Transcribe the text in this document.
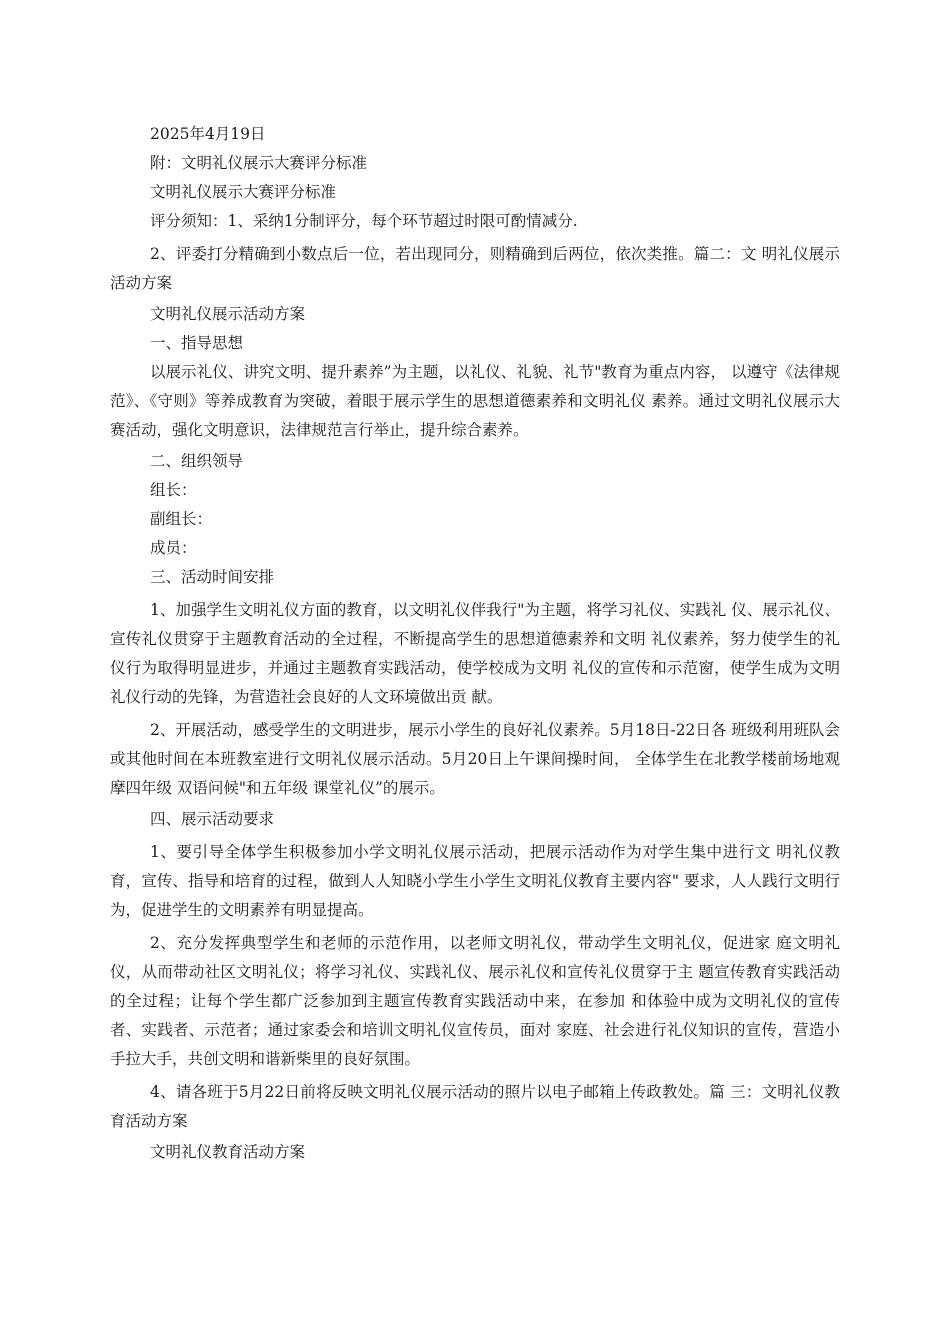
2025年4月19日

附：文明礼仪展示大赛评分标准

文明礼仪展示大赛评分标准

评分须知：1、采纳1分制评分，每个环节超过时限可酌情减分.

2、评委打分精确到小数点后一位，若出现同分，则精确到后两位，依次类推。篇二：文 明礼仪展示活动方案

文明礼仪展示活动方案

一、指导思想

以展示礼仪、讲究文明、提升素养”为主题，以礼仪、礼貌、礼节"教育为重点内容， 以遵守《法律规范》、《守则》等养成教育为突破，着眼于展示学生的思想道德素养和文明礼仪 素养。通过文明礼仪展示大赛活动，强化文明意识，法律规范言行举止，提升综合素养。

二、组织领导

组长：

副组长：

成员：

三、活动时间安排

1、加强学生文明礼仪方面的教育，以文明礼仪伴我行"为主题，将学习礼仪、实践礼 仪、展示礼仪、宣传礼仪贯穿于主题教育活动的全过程，不断提高学生的思想道德素养和文明 礼仪素养，努力使学生的礼仪行为取得明显进步，并通过主题教育实践活动，使学校成为文明 礼仪的宣传和示范窗，使学生成为文明礼仪行动的先锋，为营造社会良好的人文环境做出贡 献。

2、开展活动，感受学生的文明进步，展示小学生的良好礼仪素养。5月18日-22日各 班级利用班队会或其他时间在本班教室进行文明礼仪展示活动。5月20日上午课间操时间， 全体学生在北教学楼前场地观摩四年级 双语问候"和五年级 课堂礼仪”的展示。

四、展示活动要求

1、要引导全体学生积极参加小学文明礼仪展示活动，把展示活动作为对学生集中进行文 明礼仪教育，宣传、指导和培育的过程，做到人人知晓小学生小学生文明礼仪教育主要内容" 要求，人人践行文明行为，促进学生的文明素养有明显提高。

2、充分发挥典型学生和老师的示范作用，以老师文明礼仪，带动学生文明礼仪，促进家 庭文明礼仪，从而带动社区文明礼仪；将学习礼仪、实践礼仪、展示礼仪和宣传礼仪贯穿于主 题宣传教育实践活动的全过程；让每个学生都广泛参加到主题宣传教育实践活动中来，在参加 和体验中成为文明礼仪的宣传者、实践者、示范者；通过家委会和培训文明礼仪宣传员，面对 家庭、社会进行礼仪知识的宣传，营造小手拉大手，共创文明和谐新柴里的良好氛围。

4、请各班于5月22日前将反映文明礼仪展示活动的照片以电子邮箱上传政教处。篇 三：文明礼仪教育活动方案

文明礼仪教育活动方案
